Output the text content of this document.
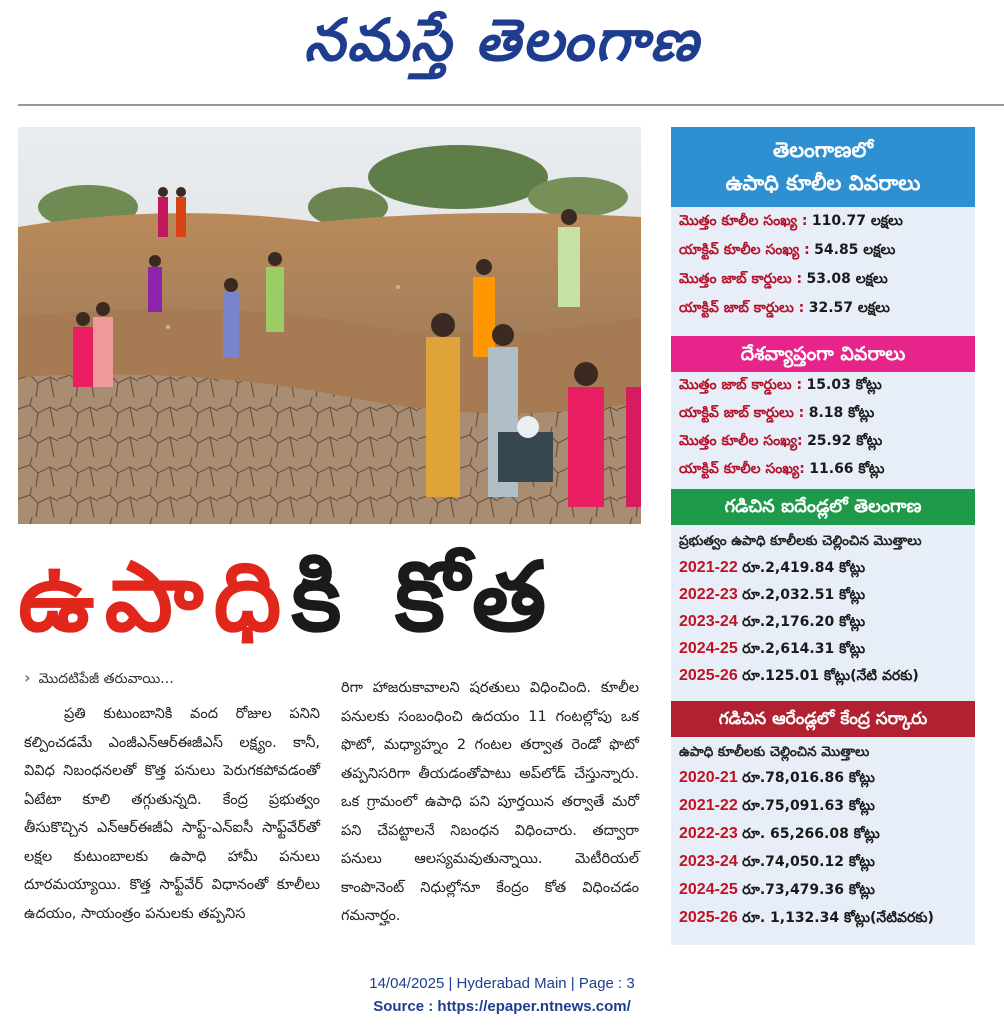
నమస్తే తెలంగాణ
ఉపాధికి కోత
› మొదటిపేజీ తరువాయి...

ప్రతి కుటుంబానికి వంద రోజుల పనిని కల్పించడమే ఎంజీఎన్ఆర్ఈజీఎస్ లక్ష్యం. కానీ, వివిధ నిబంధనలతో కొత్త పనులు పెరుగకపోవడంతో ఏటేటా కూలి తగ్గుతున్నది. కేంద్ర ప్రభుత్వం తీసుకొచ్చిన ఎన్ఆర్ఈజీఏ సాఫ్ట్-ఎన్ఐసీ సాఫ్ట్‌వేర్‌తో లక్షల కుటుంబాలకు ఉపాధి హామీ పనులు దూరమయ్యాయి. కొత్త సాఫ్ట్‌వేర్ విధానంతో కూలీలు ఉదయం, సాయంత్రం పనులకు తప్పనిస

రిగా హాజరుకావాలని షరతులు విధించింది. కూలీల పనులకు సంబంధించి ఉదయం 11 గంటల్లోపు ఒక ఫొటో, మధ్యాహ్నం 2 గంటల తర్వాత రెండో ఫొటో తప్పనిసరిగా తీయడంతోపాటు అప్‌లోడ్ చేస్తున్నారు. ఒక గ్రామంలో ఉపాధి పని పూర్తయిన తర్వాతే మరో పని చేపట్టాలనే నిబంధన విధించారు. తద్వారా పనులు ఆలస్యమవుతున్నాయి. మెటీరియల్ కాంపొనెంట్ నిధుల్లోనూ కేంద్రం కోత విధించడం గమనార్హం.

తెలంగాణలో
ఉపాధి కూలీల వివరాలు
మొత్తం కూలీల సంఖ్య : 110.77 లక్షలు
యాక్టివ్ కూలీల సంఖ్య : 54.85 లక్షలు
మొత్తం జాబ్ కార్డులు : 53.08 లక్షలు
యాక్టివ్ జాబ్ కార్డులు : 32.57 లక్షలు
దేశవ్యాప్తంగా వివరాలు
మొత్తం జాబ్ కార్డులు : 15.03 కోట్లు
యాక్టివ్ జాబ్ కార్డులు : 8.18 కోట్లు
మొత్తం కూలీల సంఖ్య: 25.92 కోట్లు
యాక్టివ్ కూలీల సంఖ్య: 11.66 కోట్లు
గడిచిన ఐదేండ్లలో తెలంగాణ
ప్రభుత్వం ఉపాధి కూలీలకు చెల్లించిన మొత్తాలు
2021-22 రూ.2,419.84 కోట్లు
2022-23 రూ.2,032.51 కోట్లు
2023-24 రూ.2,176.20 కోట్లు
2024-25 రూ.2,614.31 కోట్లు
2025-26 రూ.125.01 కోట్లు(నేటి వరకు)
గడిచిన ఆరేండ్లలో కేంద్ర సర్కారు
ఉపాధి కూలీలకు చెల్లించిన మొత్తాలు
2020-21 రూ.78,016.86 కోట్లు
2021-22 రూ.75,091.63 కోట్లు
2022-23 రూ. 65,266.08 కోట్లు
2023-24 రూ.74,050.12 కోట్లు
2024-25 రూ.73,479.36 కోట్లు
2025-26 రూ. 1,132.34 కోట్లు(నేటివరకు)
14/04/2025 | Hyderabad Main | Page : 3
Source : https://epaper.ntnews.com/
